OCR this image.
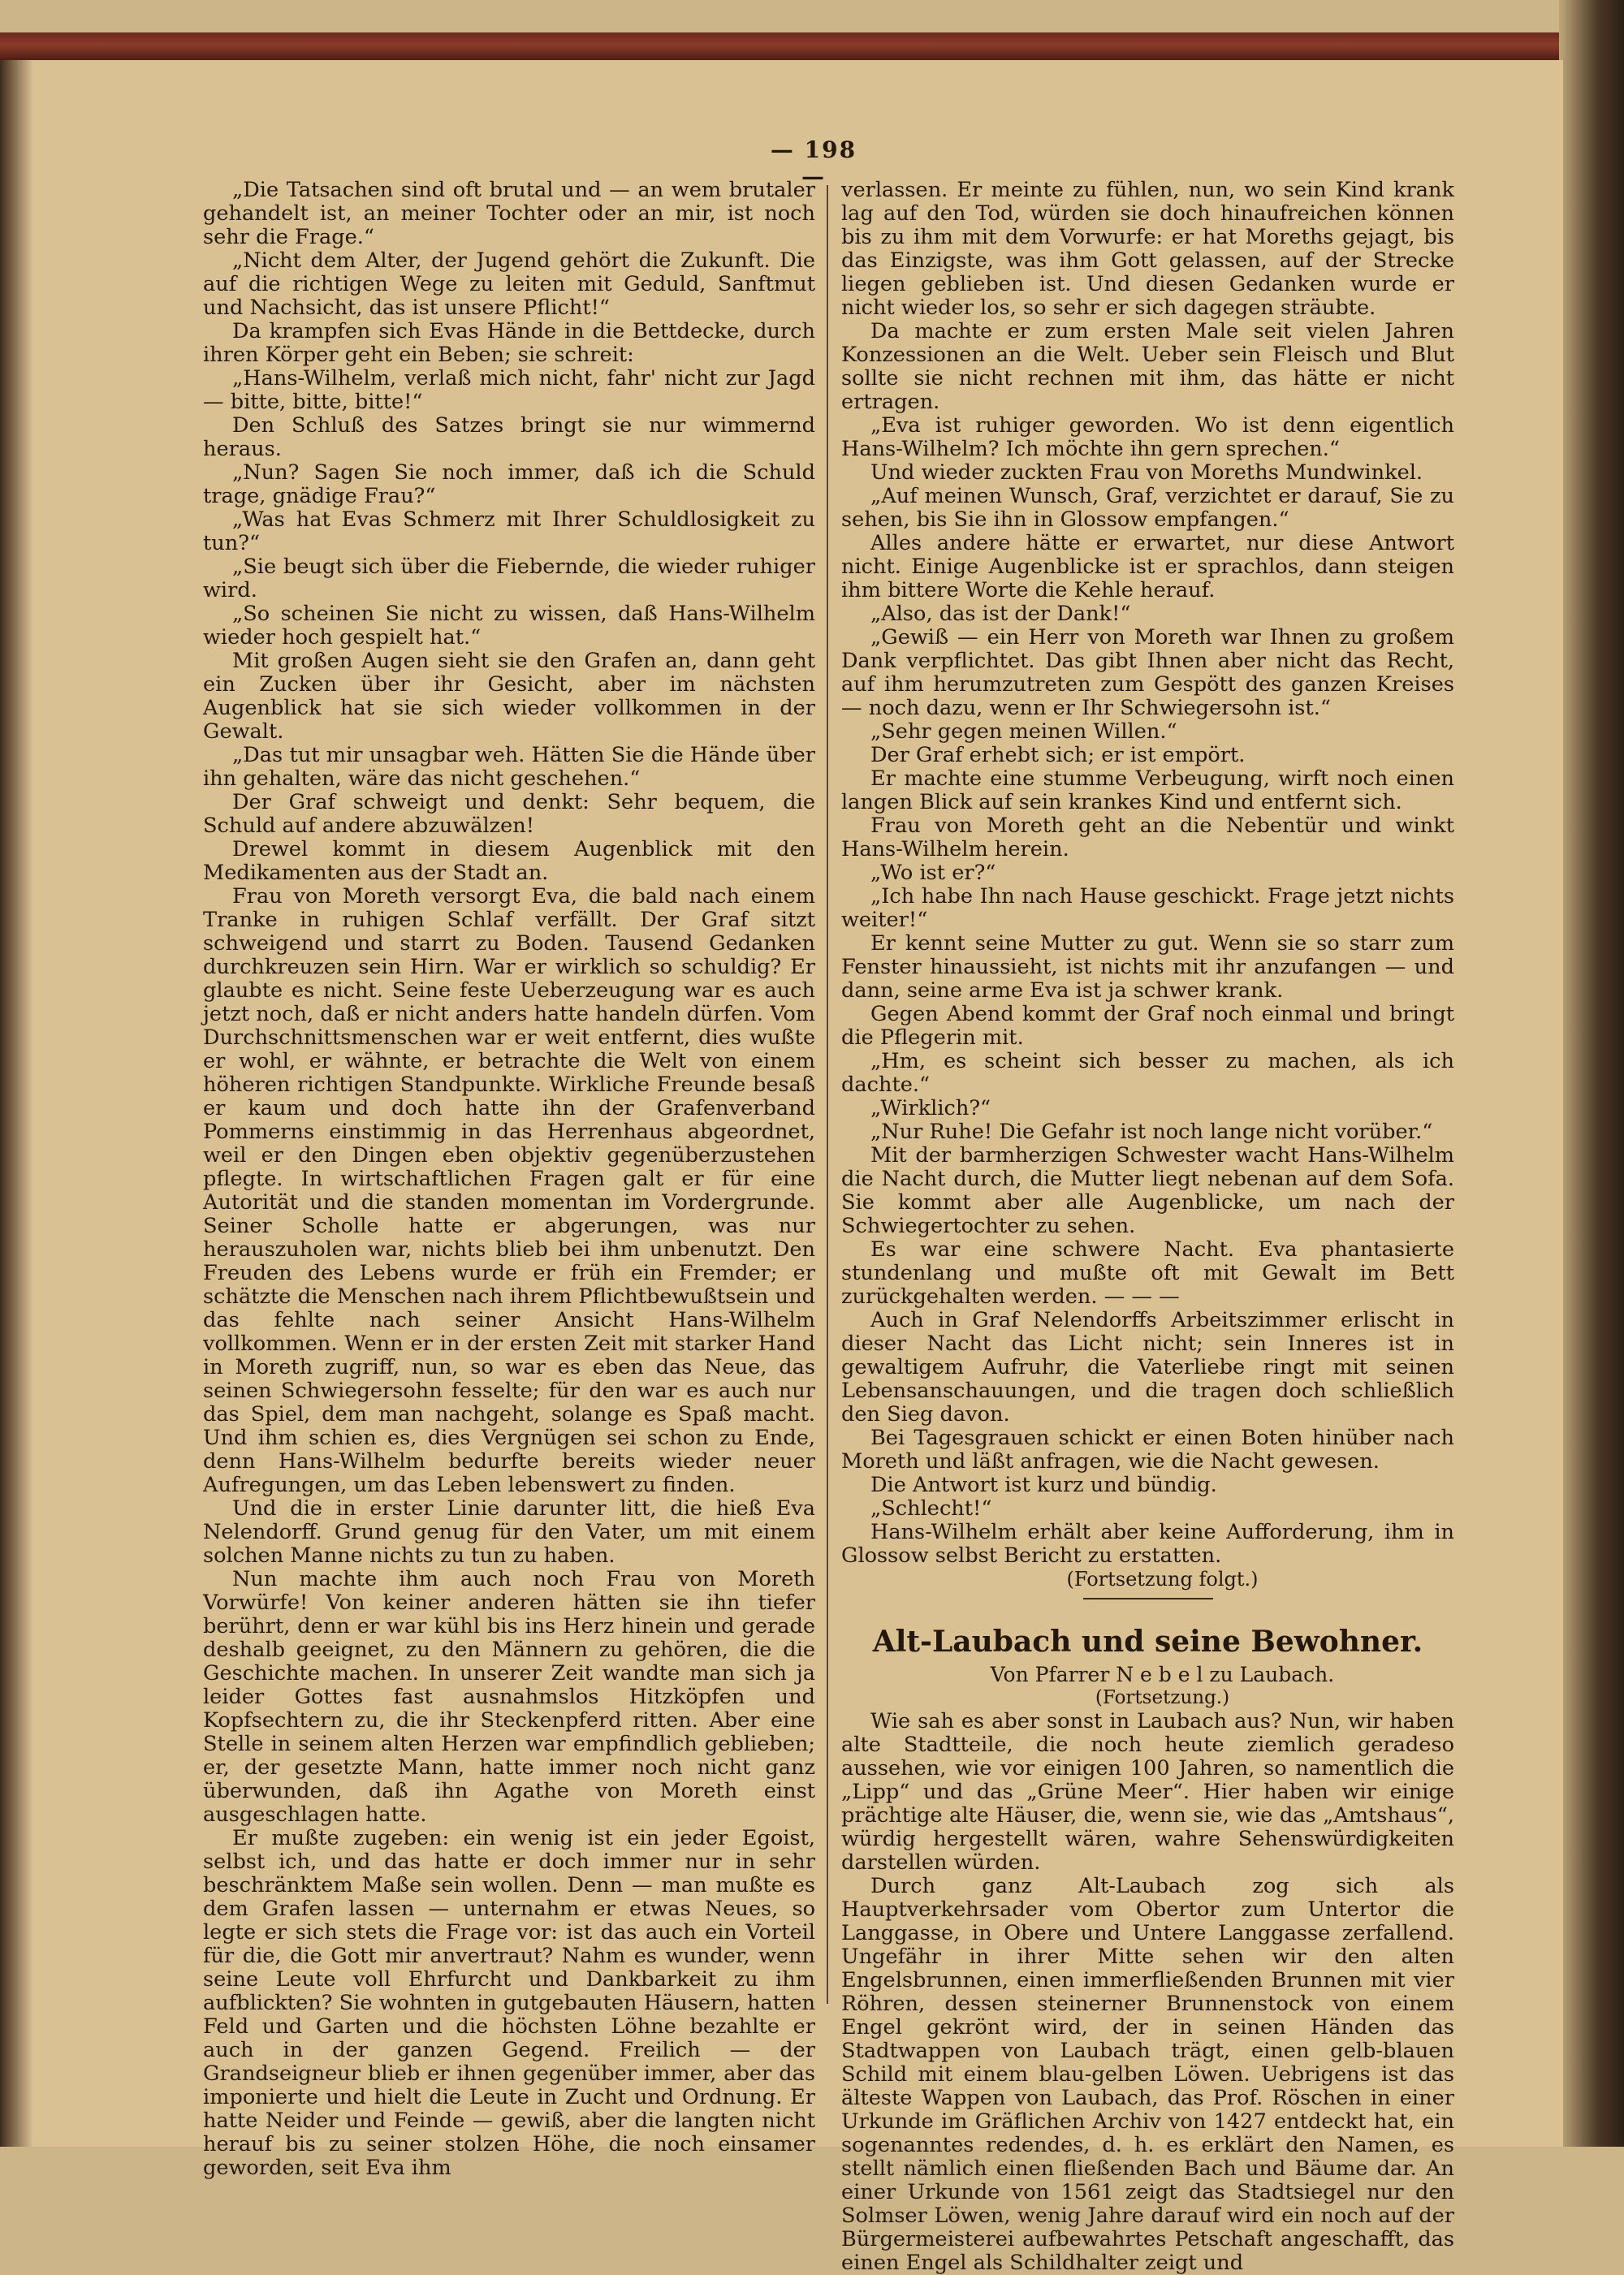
— 198 —

„Die Tatsachen sind oft brutal und — an wem brutaler gehandelt ist, an meiner Tochter oder an mir, ist noch sehr die Frage.“

„Nicht dem Alter, der Jugend gehört die Zukunft. Die auf die richtigen Wege zu leiten mit Geduld, Sanftmut und Nachsicht, das ist unsere Pflicht!“

Da krampfen sich Evas Hände in die Bettdecke, durch ihren Körper geht ein Beben; sie schreit:

„Hans-Wilhelm, verlaß mich nicht, fahr' nicht zur Jagd — bitte, bitte, bitte!“

Den Schluß des Satzes bringt sie nur wimmernd heraus.

„Nun? Sagen Sie noch immer, daß ich die Schuld trage, gnädige Frau?“

„Was hat Evas Schmerz mit Ihrer Schuldlosigkeit zu tun?“

„Sie beugt sich über die Fiebernde, die wieder ruhiger wird.

„So scheinen Sie nicht zu wissen, daß Hans-Wilhelm wieder hoch gespielt hat.“

Mit großen Augen sieht sie den Grafen an, dann geht ein Zucken über ihr Gesicht, aber im nächsten Augenblick hat sie sich wieder vollkommen in der Gewalt.

„Das tut mir unsagbar weh. Hätten Sie die Hände über ihn gehalten, wäre das nicht geschehen.“

Der Graf schweigt und denkt: Sehr bequem, die Schuld auf andere abzuwälzen!

Drewel kommt in diesem Augenblick mit den Medikamenten aus der Stadt an.

Frau von Moreth versorgt Eva, die bald nach einem Tranke in ruhigen Schlaf verfällt. Der Graf sitzt schweigend und starrt zu Boden. Tausend Gedanken durchkreuzen sein Hirn. War er wirklich so schuldig? Er glaubte es nicht. Seine feste Ueberzeugung war es auch jetzt noch, daß er nicht anders hatte handeln dürfen. Vom Durchschnittsmenschen war er weit entfernt, dies wußte er wohl, er wähnte, er betrachte die Welt von einem höheren richtigen Standpunkte. Wirkliche Freunde besaß er kaum und doch hatte ihn der Grafenverband Pommerns einstimmig in das Herrenhaus abgeordnet, weil er den Dingen eben objektiv gegenüberzustehen pflegte. In wirtschaftlichen Fragen galt er für eine Autorität und die standen momentan im Vordergrunde. Seiner Scholle hatte er abgerungen, was nur herauszuholen war, nichts blieb bei ihm unbenutzt. Den Freuden des Lebens wurde er früh ein Fremder; er schätzte die Menschen nach ihrem Pflichtbewußtsein und das fehlte nach seiner Ansicht Hans-Wilhelm vollkommen. Wenn er in der ersten Zeit mit starker Hand in Moreth zugriff, nun, so war es eben das Neue, das seinen Schwiegersohn fesselte; für den war es auch nur das Spiel, dem man nachgeht, solange es Spaß macht. Und ihm schien es, dies Vergnügen sei schon zu Ende, denn Hans-Wilhelm bedurfte bereits wieder neuer Aufregungen, um das Leben lebenswert zu finden.

Und die in erster Linie darunter litt, die hieß Eva Nelendorff. Grund genug für den Vater, um mit einem solchen Manne nichts zu tun zu haben.

Nun machte ihm auch noch Frau von Moreth Vorwürfe! Von keiner anderen hätten sie ihn tiefer berührt, denn er war kühl bis ins Herz hinein und gerade deshalb geeignet, zu den Männern zu gehören, die die Geschichte machen. In unserer Zeit wandte man sich ja leider Gottes fast ausnahmslos Hitzköpfen und Kopfsechtern zu, die ihr Steckenpferd ritten. Aber eine Stelle in seinem alten Herzen war empfindlich geblieben; er, der gesetzte Mann, hatte immer noch nicht ganz überwunden, daß ihn Agathe von Moreth einst ausgeschlagen hatte.

Er mußte zugeben: ein wenig ist ein jeder Egoist, selbst ich, und das hatte er doch immer nur in sehr beschränktem Maße sein wollen. Denn — man mußte es dem Grafen lassen — unternahm er etwas Neues, so legte er sich stets die Frage vor: ist das auch ein Vorteil für die, die Gott mir anvertraut? Nahm es wunder, wenn seine Leute voll Ehrfurcht und Dankbarkeit zu ihm aufblickten? Sie wohnten in gutgebauten Häusern, hatten Feld und Garten und die höchsten Löhne bezahlte er auch in der ganzen Gegend. Freilich — der Grandseigneur blieb er ihnen gegenüber immer, aber das imponierte und hielt die Leute in Zucht und Ordnung. Er hatte Neider und Feinde — gewiß, aber die langten nicht herauf bis zu seiner stolzen Höhe, die noch einsamer geworden, seit Eva ihm

verlassen. Er meinte zu fühlen, nun, wo sein Kind krank lag auf den Tod, würden sie doch hinaufreichen können bis zu ihm mit dem Vorwurfe: er hat Moreths gejagt, bis das Einzigste, was ihm Gott gelassen, auf der Strecke liegen geblieben ist. Und diesen Gedanken wurde er nicht wieder los, so sehr er sich dagegen sträubte.

Da machte er zum ersten Male seit vielen Jahren Konzessionen an die Welt. Ueber sein Fleisch und Blut sollte sie nicht rechnen mit ihm, das hätte er nicht ertragen.

„Eva ist ruhiger geworden. Wo ist denn eigentlich Hans-Wilhelm? Ich möchte ihn gern sprechen.“

Und wieder zuckten Frau von Moreths Mundwinkel.

„Auf meinen Wunsch, Graf, verzichtet er darauf, Sie zu sehen, bis Sie ihn in Glossow empfangen.“

Alles andere hätte er erwartet, nur diese Antwort nicht. Einige Augenblicke ist er sprachlos, dann steigen ihm bittere Worte die Kehle herauf.

„Also, das ist der Dank!“

„Gewiß — ein Herr von Moreth war Ihnen zu großem Dank verpflichtet. Das gibt Ihnen aber nicht das Recht, auf ihm herumzutreten zum Gespött des ganzen Kreises — noch dazu, wenn er Ihr Schwiegersohn ist.“

„Sehr gegen meinen Willen.“

Der Graf erhebt sich; er ist empört.

Er machte eine stumme Verbeugung, wirft noch einen langen Blick auf sein krankes Kind und entfernt sich.

Frau von Moreth geht an die Nebentür und winkt Hans-Wilhelm herein.

„Wo ist er?“

„Ich habe Ihn nach Hause geschickt. Frage jetzt nichts weiter!“

Er kennt seine Mutter zu gut. Wenn sie so starr zum Fenster hinaussieht, ist nichts mit ihr anzufangen — und dann, seine arme Eva ist ja schwer krank.

Gegen Abend kommt der Graf noch einmal und bringt die Pflegerin mit.

„Hm, es scheint sich besser zu machen, als ich dachte.“

„Wirklich?“

„Nur Ruhe! Die Gefahr ist noch lange nicht vorüber.“

Mit der barmherzigen Schwester wacht Hans-Wilhelm die Nacht durch, die Mutter liegt nebenan auf dem Sofa. Sie kommt aber alle Augenblicke, um nach der Schwiegertochter zu sehen.

Es war eine schwere Nacht. Eva phantasierte stundenlang und mußte oft mit Gewalt im Bett zurückgehalten werden. — — —

Auch in Graf Nelendorffs Arbeitszimmer erlischt in dieser Nacht das Licht nicht; sein Inneres ist in gewaltigem Aufruhr, die Vaterliebe ringt mit seinen Lebensanschauungen, und die tragen doch schließlich den Sieg davon.

Bei Tagesgrauen schickt er einen Boten hinüber nach Moreth und läßt anfragen, wie die Nacht gewesen.

Die Antwort ist kurz und bündig.

„Schlecht!“

Hans-Wilhelm erhält aber keine Aufforderung, ihm in Glossow selbst Bericht zu erstatten.

(Fortsetzung folgt.)

Alt-Laubach und seine Bewohner.

Von Pfarrer N e b e l zu Laubach.

(Fortsetzung.)

Wie sah es aber sonst in Laubach aus? Nun, wir haben alte Stadtteile, die noch heute ziemlich geradeso aussehen, wie vor einigen 100 Jahren, so namentlich die „Lipp“ und das „Grüne Meer“. Hier haben wir einige prächtige alte Häuser, die, wenn sie, wie das „Amtshaus“, würdig hergestellt wären, wahre Sehenswürdigkeiten darstellen würden.

Durch ganz Alt-Laubach zog sich als Hauptverkehrsader vom Obertor zum Untertor die Langgasse, in Obere und Untere Langgasse zerfallend. Ungefähr in ihrer Mitte sehen wir den alten Engelsbrunnen, einen immerfließenden Brunnen mit vier Röhren, dessen steinerner Brunnenstock von einem Engel gekrönt wird, der in seinen Händen das Stadtwappen von Laubach trägt, einen gelb-blauen Schild mit einem blau-gelben Löwen. Uebrigens ist das älteste Wappen von Laubach, das Prof. Röschen in einer Urkunde im Gräflichen Archiv von 1427 entdeckt hat, ein sogenanntes redendes, d. h. es erklärt den Namen, es stellt nämlich einen fließenden Bach und Bäume dar. An einer Urkunde von 1561 zeigt das Stadtsiegel nur den Solmser Löwen, wenig Jahre darauf wird ein noch auf der Bürgermeisterei aufbewahrtes Petschaft angeschafft, das einen Engel als Schildhalter zeigt und
